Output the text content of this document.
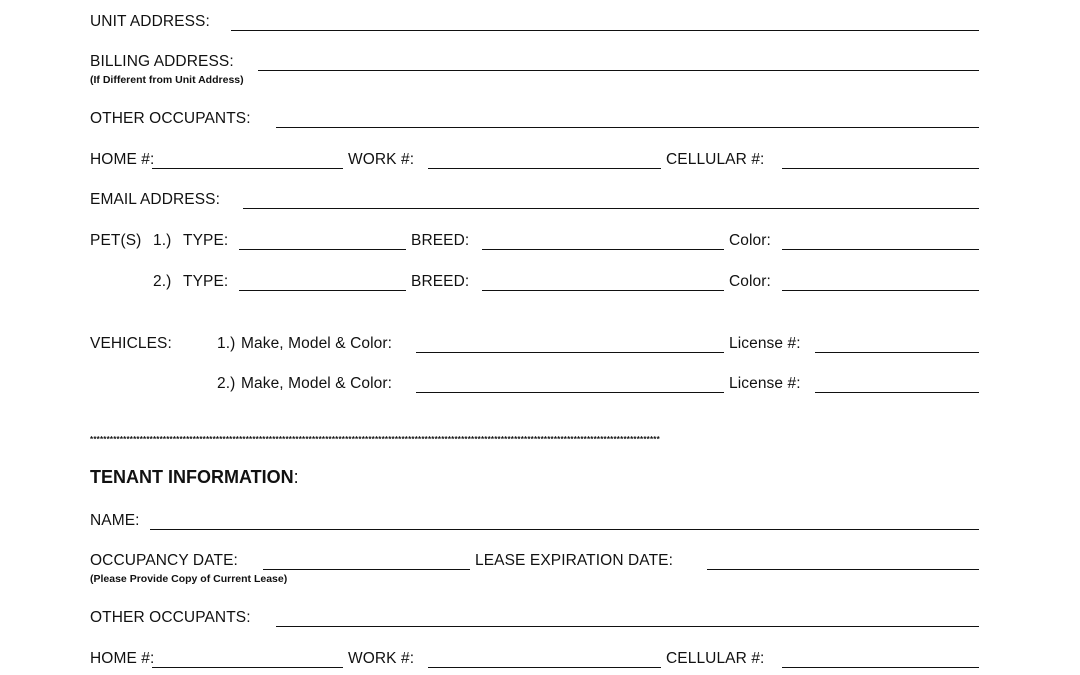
UNIT ADDRESS:
BILLING ADDRESS:
(If Different from Unit Address)
OTHER OCCUPANTS:
HOME #:	WORK #:	CELLULAR #:
EMAIL ADDRESS:
PET(S) 1.) TYPE:	BREED:	Color:
2.) TYPE:	BREED:	Color:
VEHICLES:	1.) Make, Model & Color:	License #:
2.) Make, Model & Color:	License #:
****************************************************************************************************************************************************************************
TENANT INFORMATION:
NAME:
OCCUPANCY DATE:	LEASE EXPIRATION DATE:
(Please Provide Copy of Current Lease)
OTHER OCCUPANTS:
HOME #:	WORK #:	CELLULAR #:
